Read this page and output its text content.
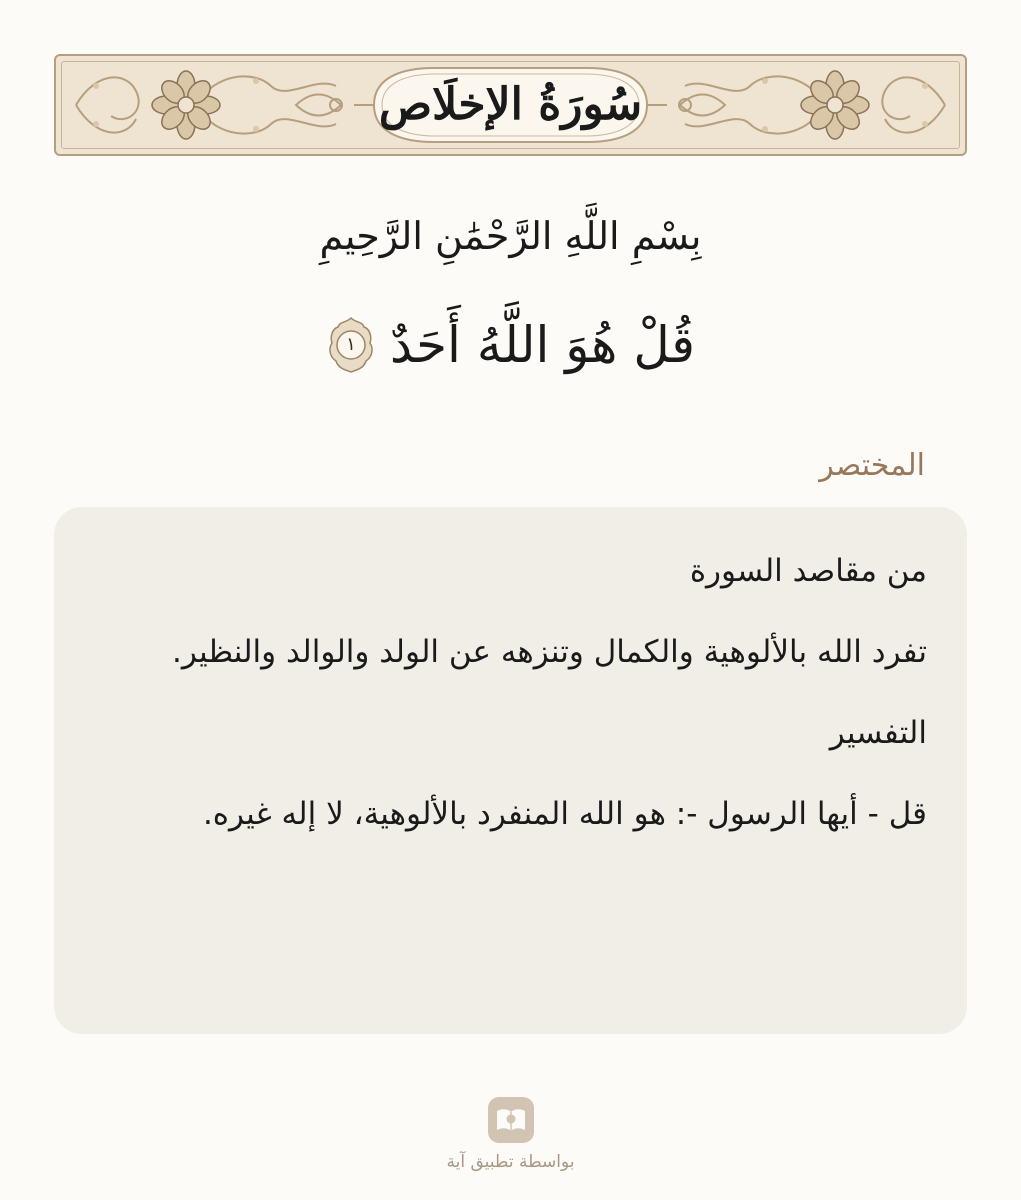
سُورَةُ الإخلَاص
بِسْمِ اللَّهِ الرَّحْمَٰنِ الرَّحِيمِ
قُلْ هُوَ اللَّهُ أَحَدٌ
١
المختصر

من مقاصد السورة

تفرد الله بالألوهية والكمال وتنزهه عن الولد والوالد والنظير.

التفسير

قل - أيها الرسول -: هو الله المنفرد بالألوهية، لا إله غيره.

بواسطة تطبيق آية
